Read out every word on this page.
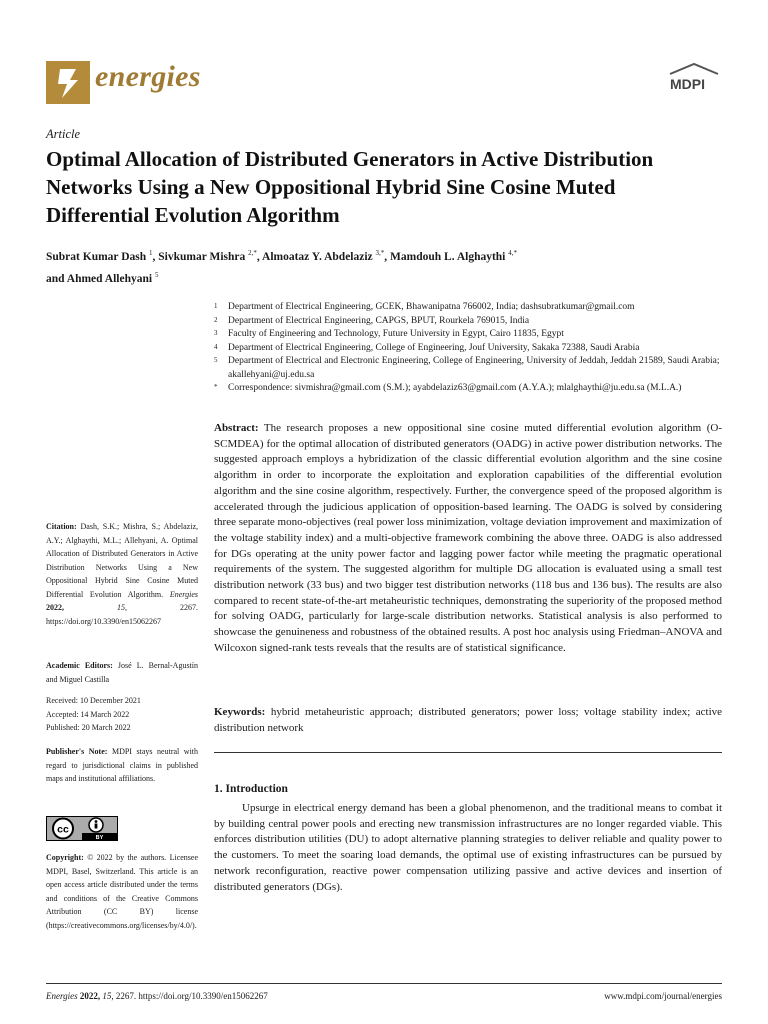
energies	MDPI
Article
Optimal Allocation of Distributed Generators in Active Distribution Networks Using a New Oppositional Hybrid Sine Cosine Muted Differential Evolution Algorithm
Subrat Kumar Dash $^1$, Sivkumar Mishra $^{2,*}$, Almoataz Y. Abdelaziz $^{3,*}$, Mamdouh L. Alghaythi $^{4,*}$
and Ahmed Allehyani $^5$
1 Department of Electrical Engineering, GCEK, Bhawanipatna 766002, India; dashsubratkumar@gmail.com
2 Department of Electrical Engineering, CAPGS, BPUT, Rourkela 769015, India
3 Faculty of Engineering and Technology, Future University in Egypt, Cairo 11835, Egypt
4 Department of Electrical Engineering, College of Engineering, Jouf University, Sakaka 72388, Saudi Arabia
5 Department of Electrical and Electronic Engineering, College of Engineering, University of Jeddah, Jeddah 21589, Saudi Arabia; akallehyani@uj.edu.sa
* Correspondence: sivmishra@gmail.com (S.M.); ayabdelaziz63@gmail.com (A.Y.A.); mlalghaythi@ju.edu.sa (M.L.A.)
Abstract: The research proposes a new oppositional sine cosine muted differential evolution algorithm (O-SCMDEA) for the optimal allocation of distributed generators (OADG) in active power distribution networks. The suggested approach employs a hybridization of the classic differential evolution algorithm and the sine cosine algorithm in order to incorporate the exploitation and exploration capabilities of the differential evolution algorithm and the sine cosine algorithm, respectively. Further, the convergence speed of the proposed algorithm is accelerated through the judicious application of opposition-based learning. The OADG is solved by considering three separate mono-objectives (real power loss minimization, voltage deviation improvement and maximization of the voltage stability index) and a multi-objective framework combining the above three. OADG is also addressed for DGs operating at the unity power factor and lagging power factor while meeting the pragmatic operational requirements of the system. The suggested algorithm for multiple DG allocation is evaluated using a small test distribution network (33 bus) and two bigger test distribution networks (118 bus and 136 bus). The results are also compared to recent state-of-the-art metaheuristic techniques, demonstrating the superiority of the proposed method for solving OADG, particularly for large-scale distribution networks. Statistical analysis is also performed to showcase the genuineness and robustness of the obtained results. A post hoc analysis using Friedman–ANOVA and Wilcoxon signed-rank tests reveals that the results are of statistical significance.
Keywords: hybrid metaheuristic approach; distributed generators; power loss; voltage stability index; active distribution network
1. Introduction
Upsurge in electrical energy demand has been a global phenomenon, and the traditional means to combat it by building central power pools and erecting new transmission infrastructures are no longer regarded viable. This enforces distribution utilities (DU) to adopt alternative planning strategies to deliver reliable and quality power to the customers. To meet the soaring load demands, the optimal use of existing infrastructures can be pursued by network reconfiguration, reactive power compensation utilizing passive and active devices and insertion of distributed generators (DGs).
Citation: Dash, S.K.; Mishra, S.; Abdelaziz, A.Y.; Alghaythi, M.L.; Allehyani, A. Optimal Allocation of Distributed Generators in Active Distribution Networks Using a New Oppositional Hybrid Sine Cosine Muted Differential Evolution Algorithm. Energies 2022,	15,	2267. https://doi.org/10.3390/en15062267
Academic Editors: José L. Bernal-Agustín and Miguel Castilla
Received: 10 December 2021
Accepted: 14 March 2022
Published: 20 March 2022
Publisher's Note: MDPI stays neutral with regard to jurisdictional claims in published maps and institutional affiliations.
cc
BY
Copyright: © 2022 by the authors. Licensee MDPI, Basel, Switzerland. This article is an open access article distributed under the terms and conditions of the Creative Commons Attribution (CC BY) license (https://creativecommons.org/licenses/by/4.0/).
Energies 2022, 15, 2267. https://doi.org/10.3390/en15062267	www.mdpi.com/journal/energies
